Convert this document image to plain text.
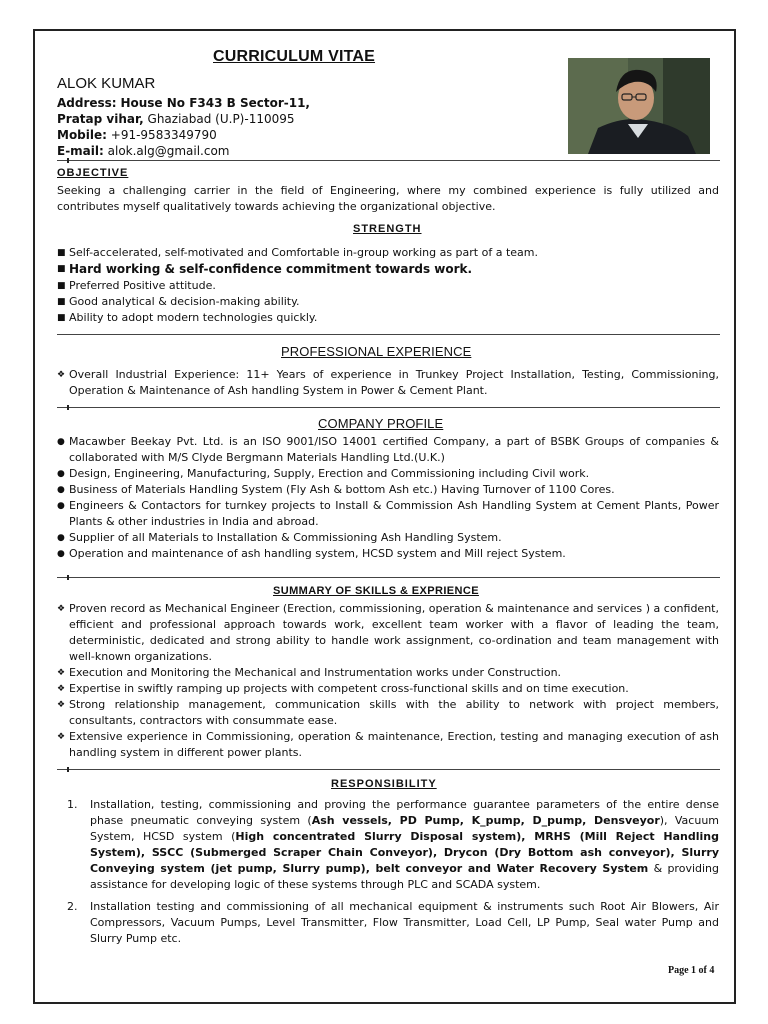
CURRICULUM VITAE
ALOK KUMAR
Address: House No F343 B Sector-11,
Pratap vihar, Ghaziabad (U.P)-110095
Mobile: +91-9583349790
E-mail: alok.alg@gmail.com
OBJECTIVE
Seeking a challenging carrier in the field of Engineering, where my combined experience is fully utilized and contributes myself qualitatively towards achieving the organizational objective.
STRENGTH
■ Self-accelerated, self-motivated and Comfortable in-group working as part of a team.
■ Hard working & self-confidence commitment towards work.
■ Preferred Positive attitude.
■ Good analytical & decision-making ability.
■ Ability to adopt modern technologies quickly.
PROFESSIONAL EXPERIENCE
❖ Overall Industrial Experience: 11+ Years of experience in Trunkey Project Installation, Testing, Commissioning, Operation & Maintenance of Ash handling System in Power & Cement Plant.
COMPANY PROFILE
● Macawber Beekay Pvt. Ltd. is an ISO 9001/ISO 14001 certified Company, a part of BSBK Groups of companies & collaborated with M/S Clyde Bergmann Materials Handling Ltd.(U.K.)
● Design, Engineering, Manufacturing, Supply, Erection and Commissioning including Civil work.
● Business of Materials Handling System (Fly Ash & bottom Ash etc.) Having Turnover of 1100 Cores.
● Engineers & Contactors for turnkey projects to Install & Commission Ash Handling System at Cement Plants, Power Plants & other industries in India and abroad.
● Supplier of all Materials to Installation & Commissioning Ash Handling System.
● Operation and maintenance of ash handling system, HCSD system and Mill reject System.
SUMMARY OF SKILLS & EXPRIENCE
❖ Proven record as Mechanical Engineer (Erection, commissioning, operation & maintenance and services ) a confident, efficient and professional approach towards work, excellent team worker with a flavor of leading the team, deterministic, dedicated and strong ability to handle work assignment, co-ordination and team management with well-known organizations.
❖ Execution and Monitoring the Mechanical and Instrumentation works under Construction.
❖ Expertise in swiftly ramping up projects with competent cross-functional skills and on time execution.
❖ Strong relationship management, communication skills with the ability to network with project members, consultants, contractors with consummate ease.
❖ Extensive experience in Commissioning, operation & maintenance, Erection, testing and managing execution of ash handling system in different power plants.
RESPONSIBILITY
1. Installation, testing, commissioning and proving the performance guarantee parameters of the entire dense phase pneumatic conveying system (Ash vessels, PD Pump, K_pump, D_pump, Densveyor), Vacuum System, HCSD system (High concentrated Slurry Disposal system), MRHS (Mill Reject Handling System), SSCC (Submerged Scraper Chain Conveyor), Drycon (Dry Bottom ash conveyor), Slurry Conveying system (jet pump, Slurry pump), belt conveyor and Water Recovery System & providing assistance for developing logic of these systems through PLC and SCADA system.
2. Installation testing and commissioning of all mechanical equipment & instruments such Root Air Blowers, Air Compressors, Vacuum Pumps, Level Transmitter, Flow Transmitter, Load Cell, LP Pump, Seal water Pump and Slurry Pump etc.
Page 1 of 4
